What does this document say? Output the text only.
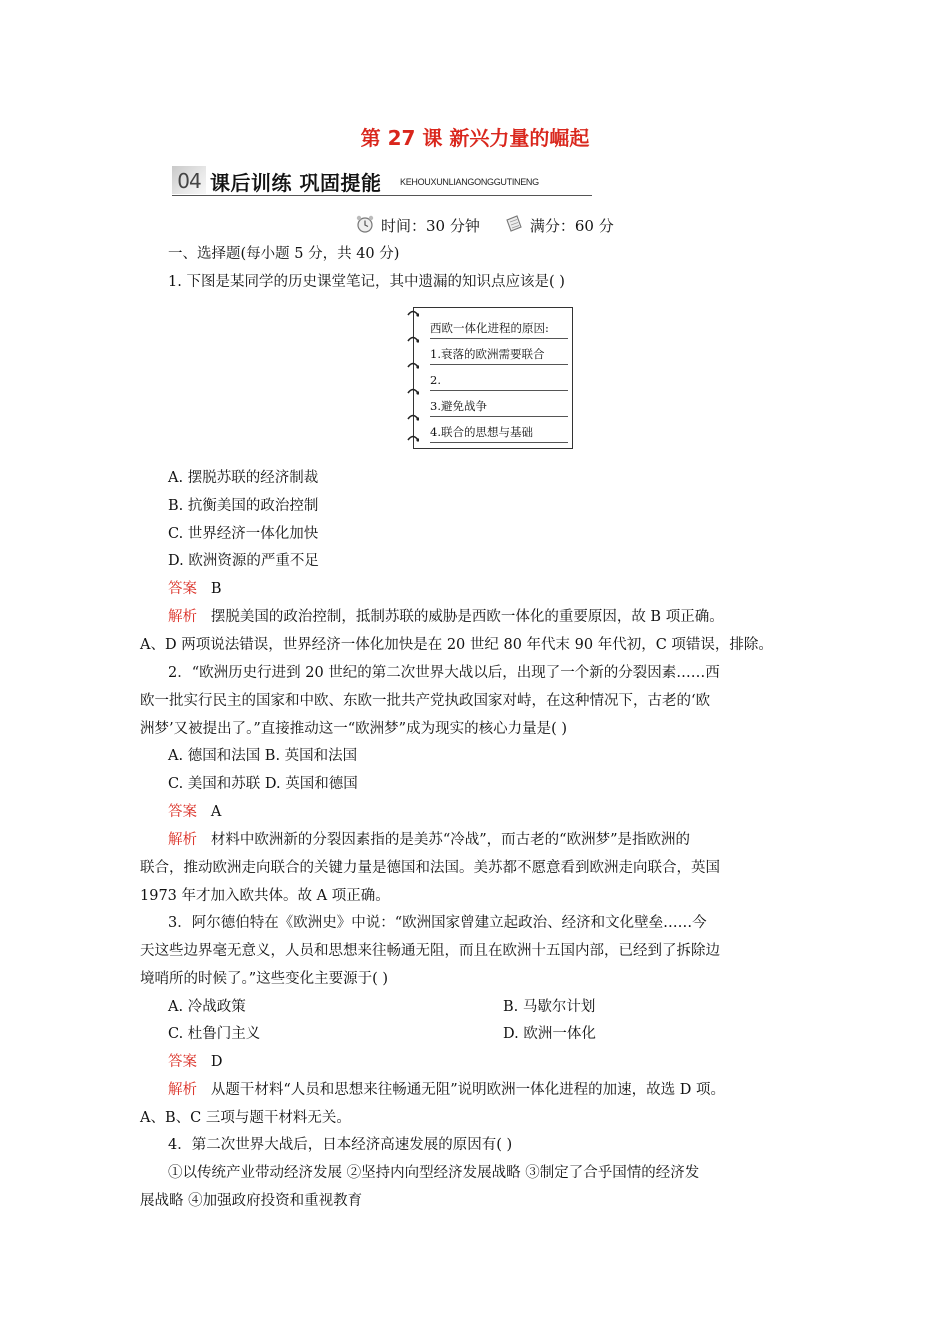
第 27 课 新兴力量的崛起
04 课后训练 巩固提能 KEHOUXUNLIANGONGGUTINENG
时间：30 分钟	满分：60 分
一、选择题(每小题 5 分，共 40 分)
1. 下图是某同学的历史课堂笔记，其中遗漏的知识点应该是( )
西欧一体化进程的原因:
1.衰落的欧洲需要联合
2.
3.避免战争
4.联合的思想与基础
A. 摆脱苏联的经济制裁
B. 抗衡美国的政治控制
C. 世界经济一体化加快
D. 欧洲资源的严重不足
答案 B
解析 摆脱美国的政治控制，抵制苏联的威胁是西欧一体化的重要原因，故 B 项正确。
A、D 两项说法错误，世界经济一体化加快是在 20 世纪 80 年代末 90 年代初，C 项错误，排除。
2．“欧洲历史行进到 20 世纪的第二次世界大战以后，出现了一个新的分裂因素……西
欧一批实行民主的国家和中欧、东欧一批共产党执政国家对峙，在这种情况下，古老的‘欧
洲梦’又被提出了。”直接推动这一“欧洲梦”成为现实的核心力量是( )
A. 德国和法国 B. 英国和法国
C. 美国和苏联 D. 英国和德国
答案 A
解析 材料中欧洲新的分裂因素指的是美苏“冷战”，而古老的“欧洲梦”是指欧洲的
联合，推动欧洲走向联合的关键力量是德国和法国。美苏都不愿意看到欧洲走向联合，英国
1973 年才加入欧共体。故 A 项正确。
3．阿尔德伯特在《欧洲史》中说：“欧洲国家曾建立起政治、经济和文化壁垒……今
天这些边界毫无意义，人员和思想来往畅通无阻，而且在欧洲十五国内部，已经到了拆除边
境哨所的时候了。”这些变化主要源于( )
A. 冷战政策	B. 马歇尔计划
C. 杜鲁门主义	D. 欧洲一体化
答案 D
解析 从题干材料“人员和思想来往畅通无阻”说明欧洲一体化进程的加速，故选 D 项。
A、B、C 三项与题干材料无关。
4．第二次世界大战后，日本经济高速发展的原因有( )
①以传统产业带动经济发展 ②坚持内向型经济发展战略 ③制定了合乎国情的经济发
展战略 ④加强政府投资和重视教育
